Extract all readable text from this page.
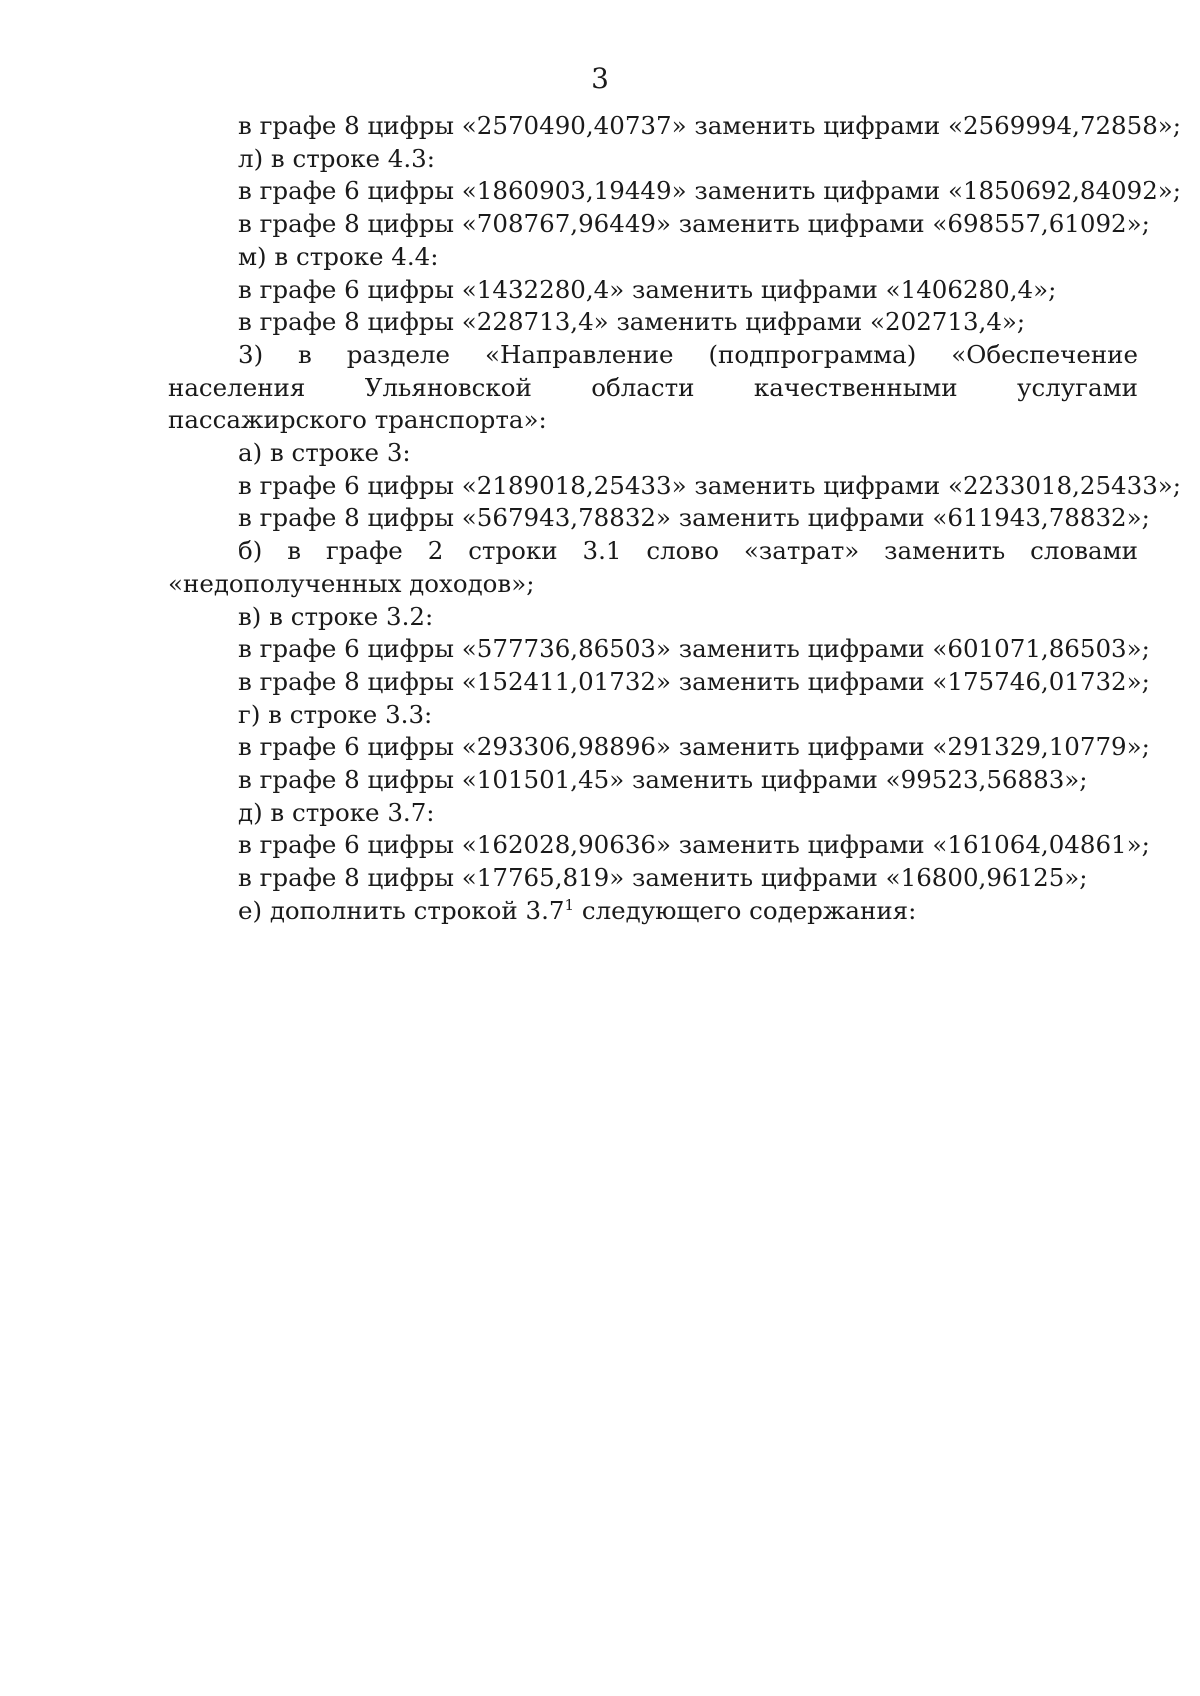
3

в графе 8 цифры «2570490,40737» заменить цифрами «2569994,72858»;

л) в строке 4.3:

в графе 6 цифры «1860903,19449» заменить цифрами «1850692,84092»;

в графе 8 цифры «708767,96449» заменить цифрами «698557,61092»;

м) в строке 4.4:

в графе 6 цифры «1432280,4» заменить цифрами «1406280,4»;

в графе 8 цифры «228713,4» заменить цифрами «202713,4»;

3) в разделе «Направление (подпрограмма) «Обеспечение населения Ульяновской области качественными услугами пассажирского транспорта»:

а) в строке 3:

в графе 6 цифры «2189018,25433» заменить цифрами «2233018,25433»;

в графе 8 цифры «567943,78832» заменить цифрами «611943,78832»;

б) в графе 2 строки 3.1 слово «затрат» заменить словами «недополученных доходов»;

в) в строке 3.2:

в графе 6 цифры «577736,86503» заменить цифрами «601071,86503»;

в графе 8 цифры «152411,01732» заменить цифрами «175746,01732»;

г) в строке 3.3:

в графе 6 цифры «293306,98896» заменить цифрами «291329,10779»;

в графе 8 цифры «101501,45» заменить цифрами «99523,56883»;

д) в строке 3.7:

в графе 6 цифры «162028,90636» заменить цифрами «161064,04861»;

в графе 8 цифры «17765,819» заменить цифрами «16800,96125»;

е) дополнить строкой $3.7^1$ следующего содержания:
